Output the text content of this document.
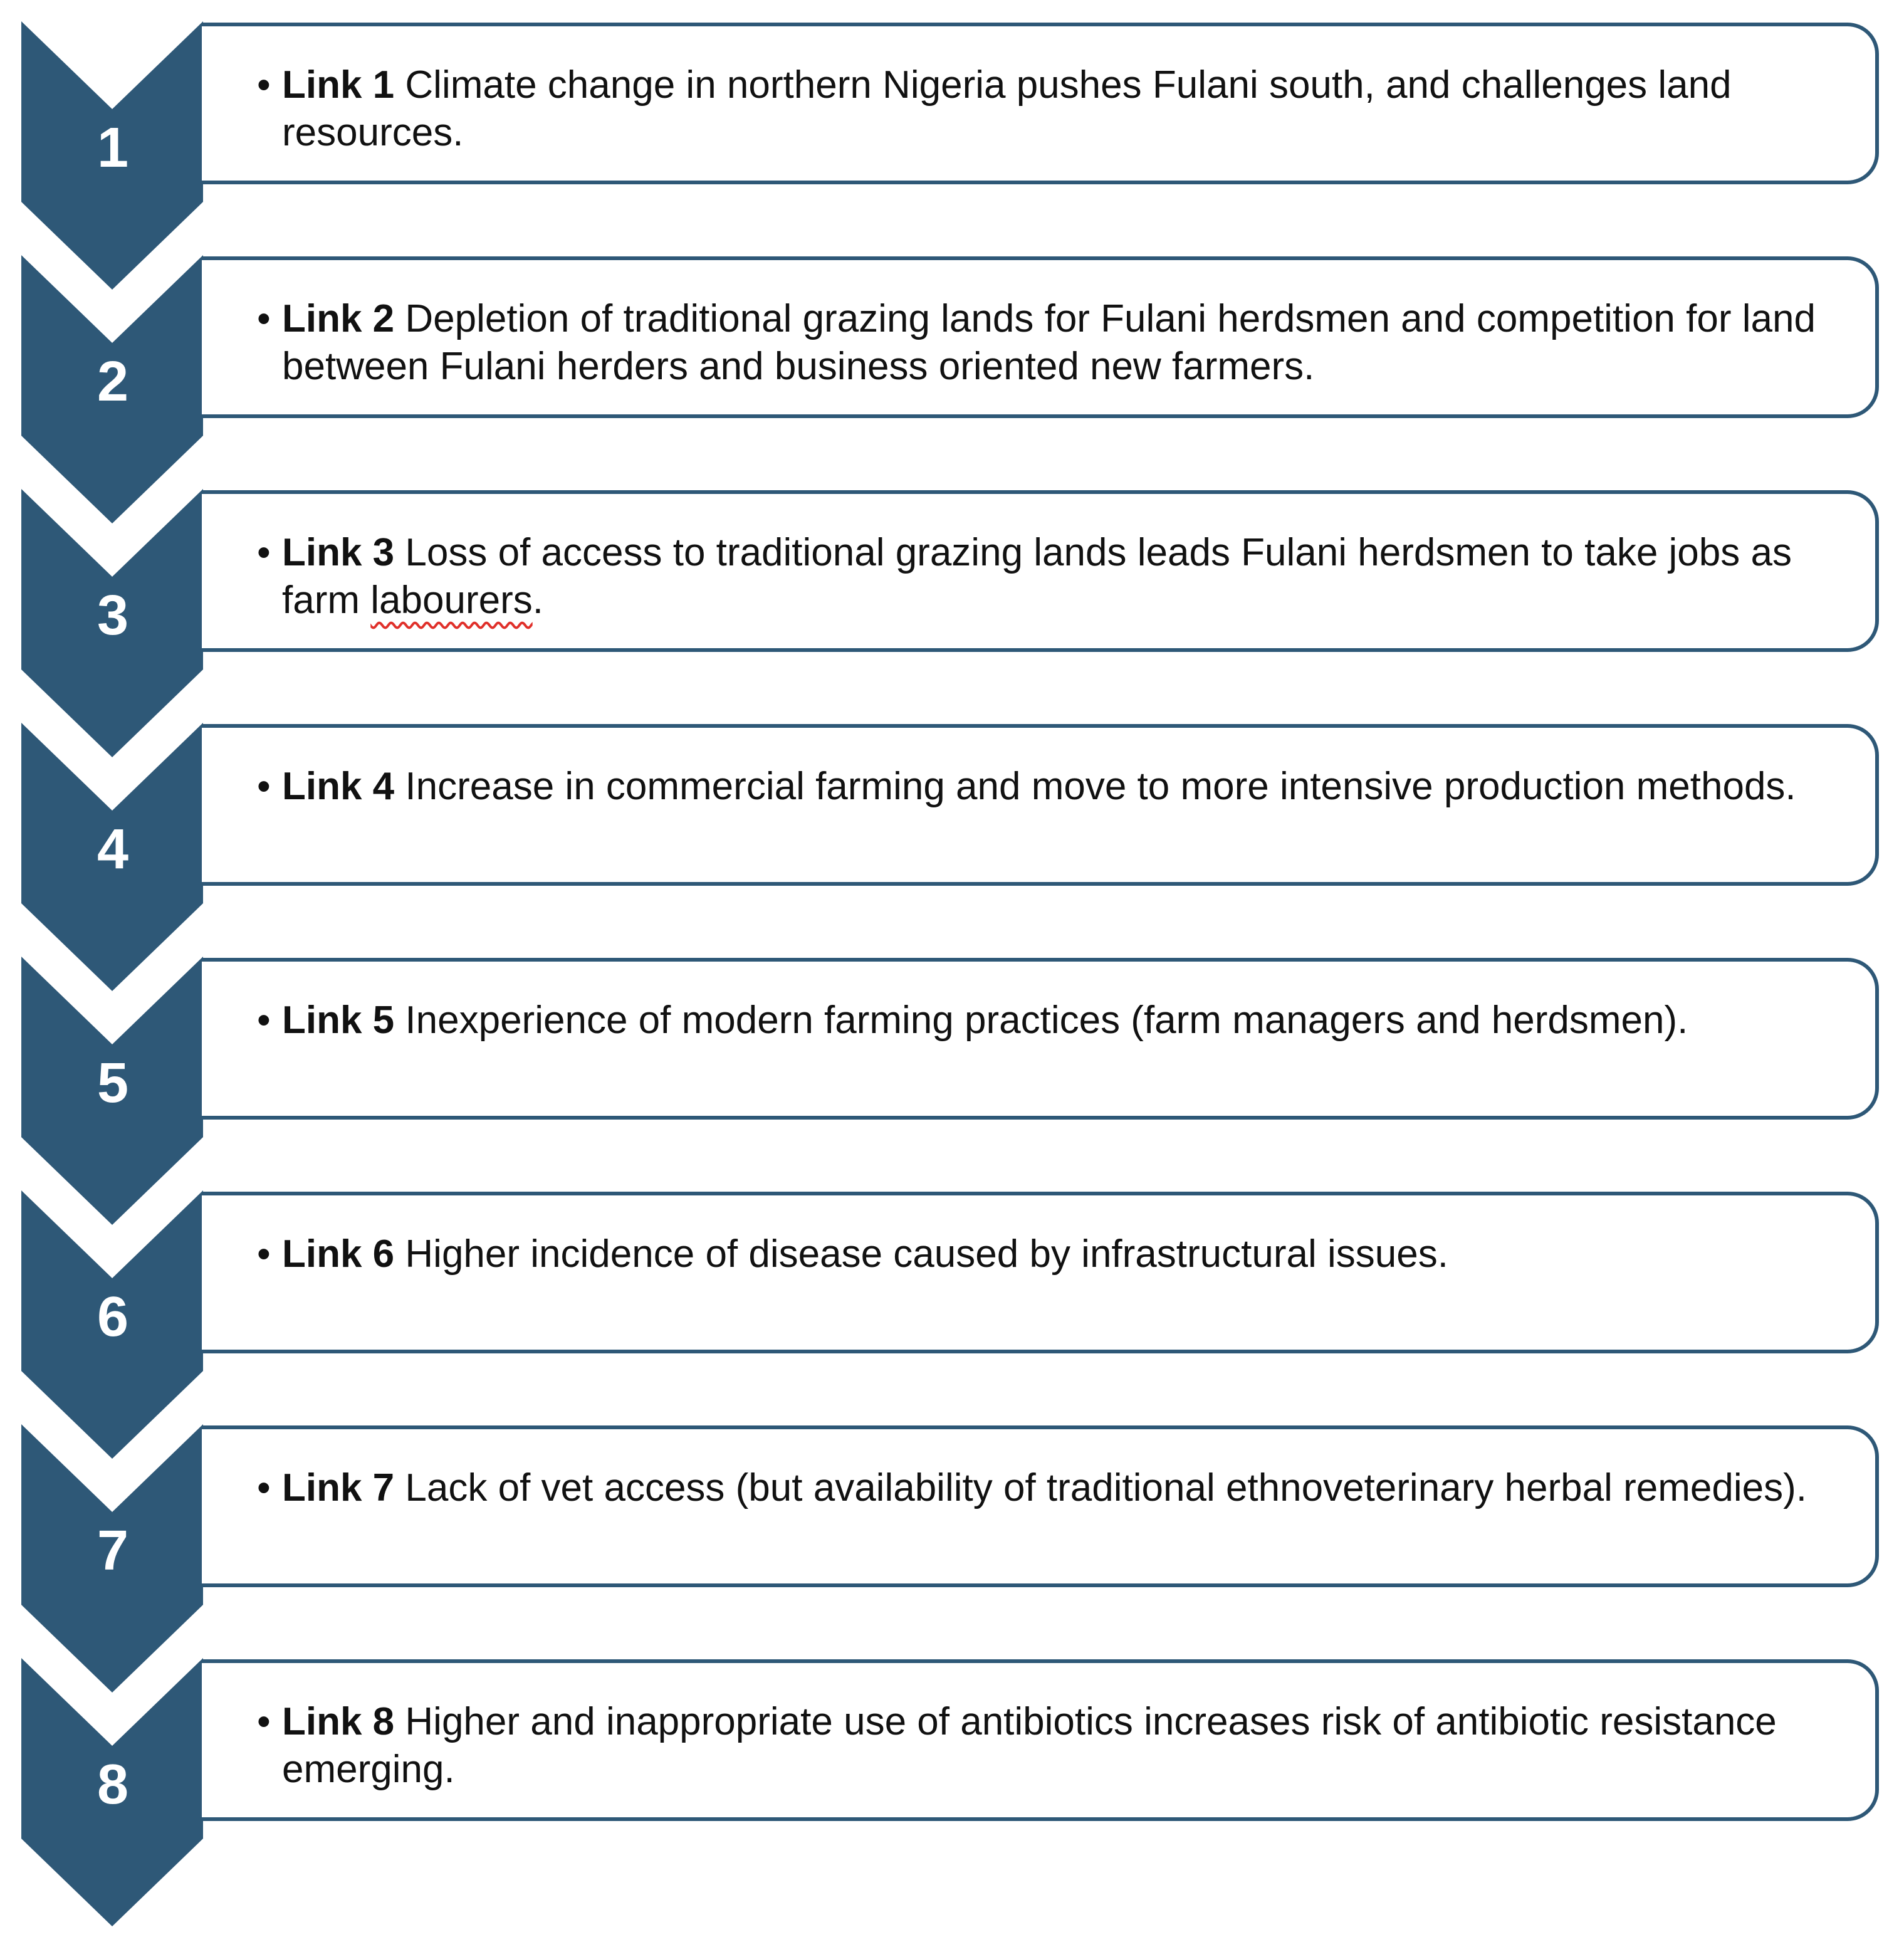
1
• Link 1 Climate change in northern Nigeria pushes Fulani south, and challenges land resources.
2
• Link 2 Depletion of traditional grazing lands for Fulani herdsmen and competition for land between Fulani herders and business oriented new farmers.
3
• Link 3 Loss of access to traditional grazing lands leads Fulani herdsmen to take jobs as farm labourers.
4
• Link 4 Increase in commercial farming and move to more intensive production methods.
5
• Link 5 Inexperience of modern farming practices (farm managers and herdsmen).
6
• Link 6 Higher incidence of disease caused by infrastructural issues.
7
• Link 7 Lack of vet access (but availability of traditional ethnoveterinary herbal remedies).
8
• Link 8 Higher and inappropriate use of antibiotics increases risk of antibiotic resistance emerging.
